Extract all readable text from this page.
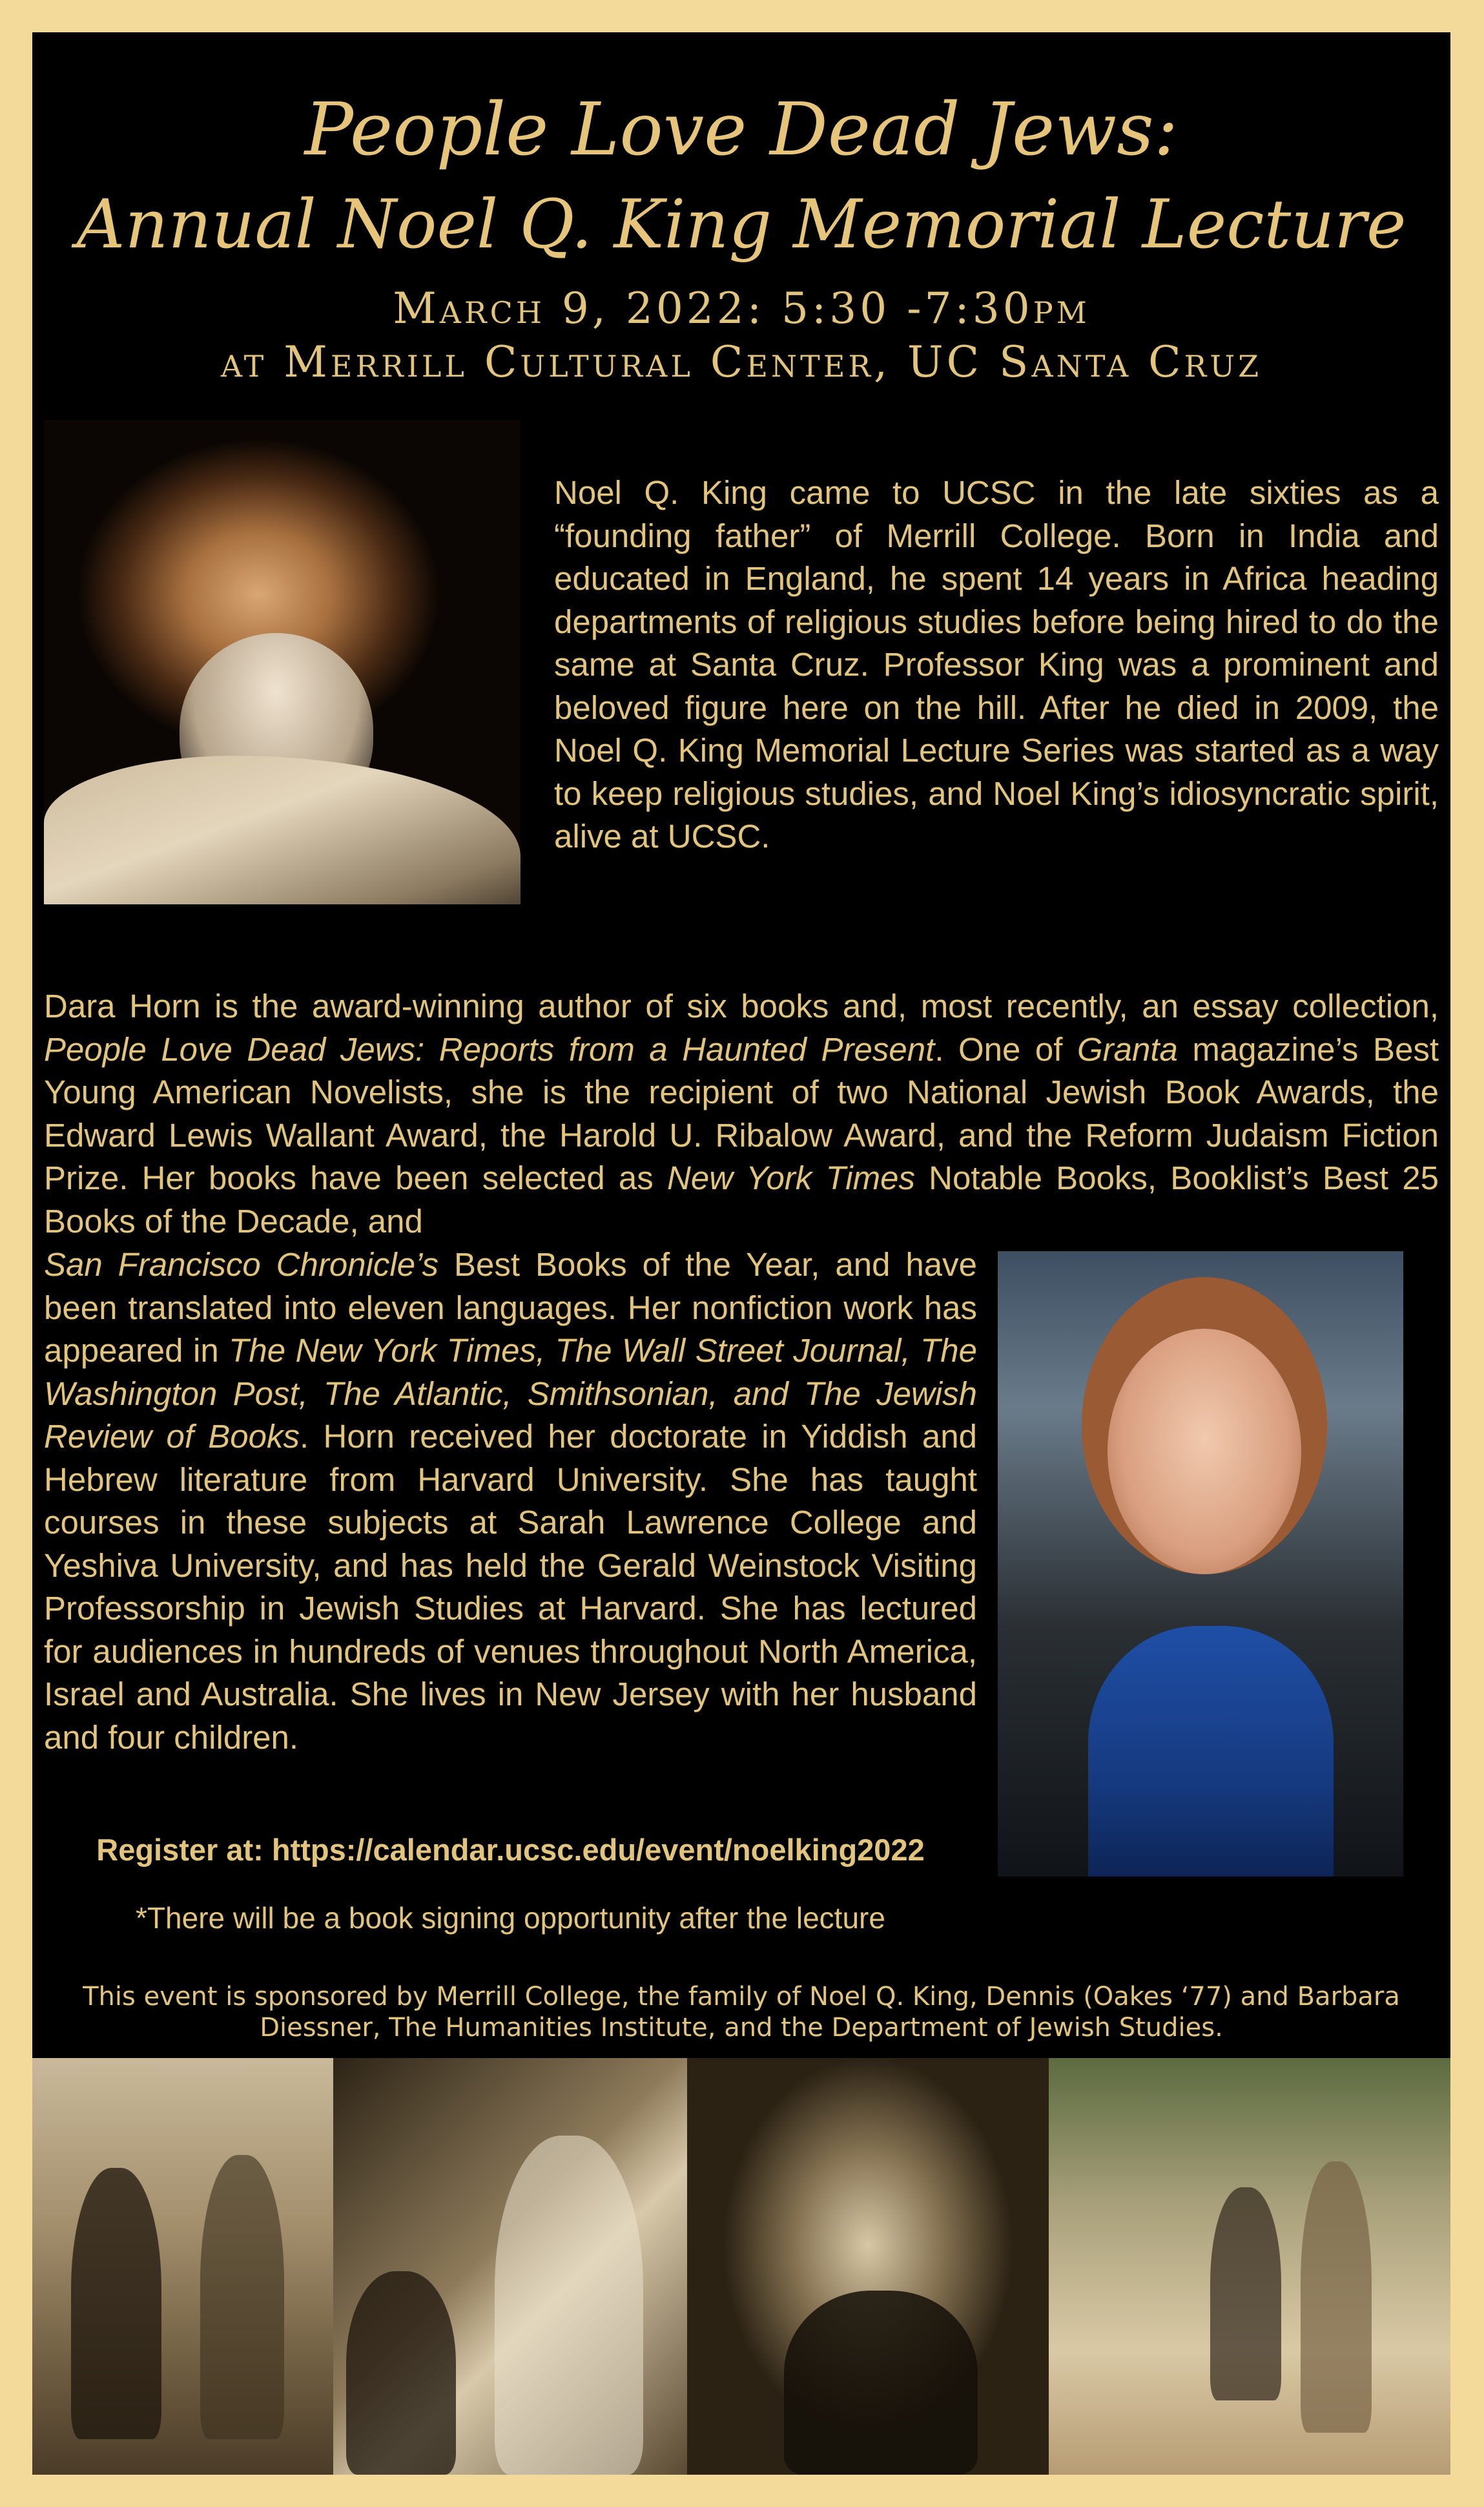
People Love Dead Jews:
Annual Noel Q. King Memorial Lecture
March 9, 2022: 5:30 -7:30pm
at Merrill Cultural Center, UC Santa Cruz
Noel Q. King came to UCSC in the late sixties as a “founding father” of Merrill College. Born in India and educated in England, he spent 14 years in Africa heading departments of religious studies before being hired to do the same at Santa Cruz. Professor King was a prominent and beloved figure here on the hill. After he died in 2009, the Noel Q. King Memorial Lecture Series was started as a way to keep religious studies, and Noel King’s idiosyncratic spirit, alive at UCSC.
Dara Horn is the award-winning author of six books and, most recently, an essay collection, People Love Dead Jews: Reports from a Haunted Present. One of Granta magazine’s Best Young American Novelists, she is the recipient of two National Jewish Book Awards, the Edward Lewis Wallant Award, the Harold U. Ribalow Award, and the Reform Judaism Fiction Prize. Her books have been selected as New York Times Notable Books, Booklist’s Best 25 Books of the Decade, and
San Francisco Chronicle’s Best Books of the Year, and have been translated into eleven languages. Her nonfiction work has appeared in The New York Times, The Wall Street Journal, The Washington Post, The Atlantic, Smithsonian, and The Jewish Review of Books. Horn received her doctorate in Yiddish and Hebrew literature from Harvard University. She has taught courses in these subjects at Sarah Lawrence College and Yeshiva University, and has held the Gerald Weinstock Visiting Professorship in Jewish Studies at Harvard. She has lectured for audiences in hundreds of venues throughout North America, Israel and Australia. She lives in New Jersey with her husband and four children.
Register at: https://calendar.ucsc.edu/event/noelking2022
*There will be a book signing opportunity after the lecture
This event is sponsored by Merrill College, the family of Noel Q. King, Dennis (Oakes ‘77) and Barbara Diessner, The Humanities Institute, and the Department of Jewish Studies.
